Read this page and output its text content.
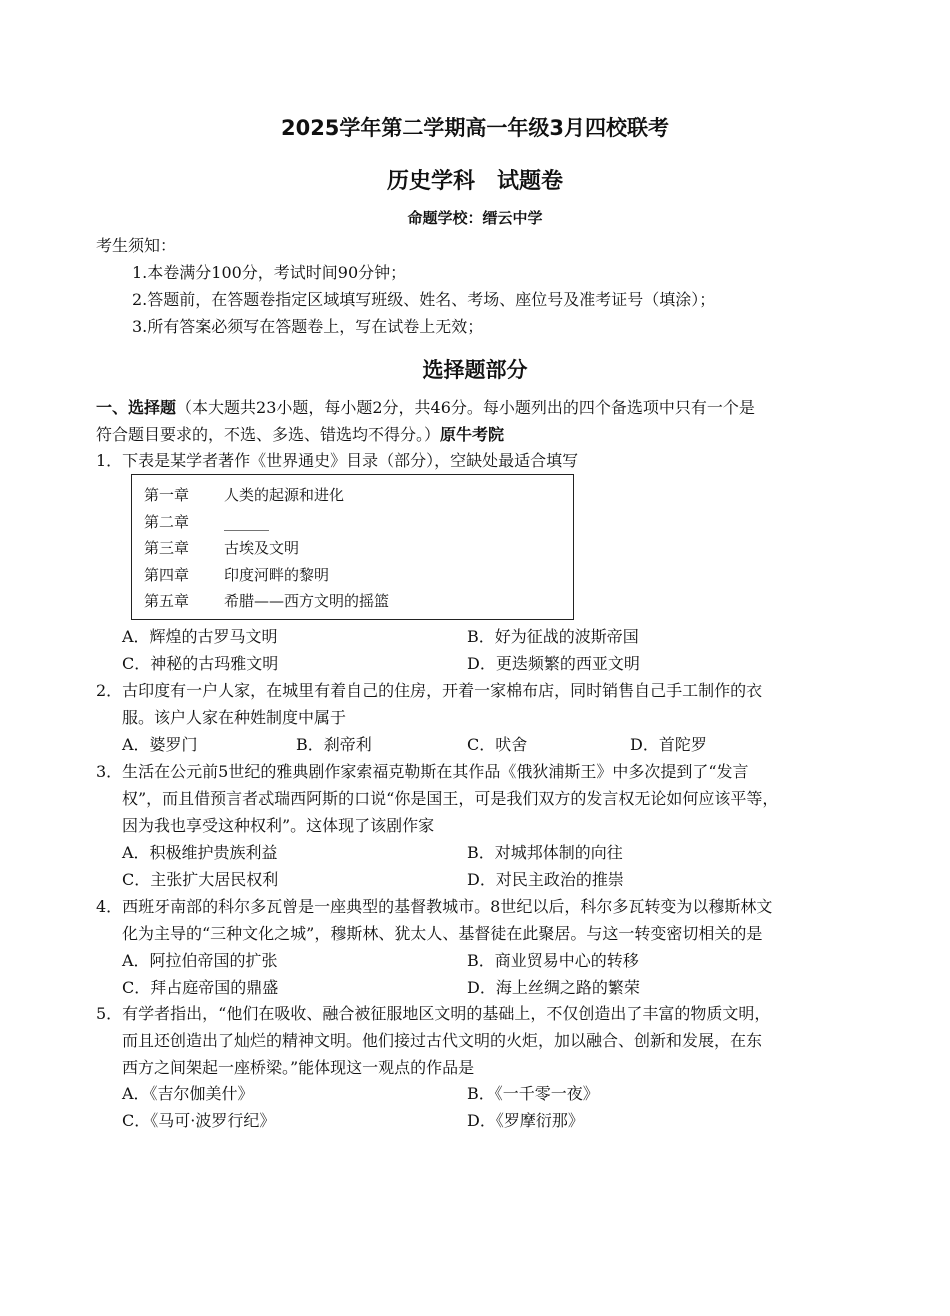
2025学年第二学期高一年级3月四校联考
历史学科　试题卷
命题学校：缙云中学
考生须知：
1.本卷满分100分，考试时间90分钟；
2.答题前，在答题卷指定区域填写班级、姓名、考场、座位号及准考证号（填涂）；
3.所有答案必须写在答题卷上，写在试卷上无效；
选择题部分
一、选择题（本大题共23小题，每小题2分，共46分。每小题列出的四个备选项中只有一个是
符合题目要求的，不选、多选、错选均不得分。）原牛考院
1．下表是某学者著作《世界通史》目录（部分），空缺处最适合填写
第一章 人类的起源和进化
第二章 ______
第三章 古埃及文明
第四章 印度河畔的黎明
第五章 希腊——西方文明的摇篮
A．辉煌的古罗马文明	B．好为征战的波斯帝国
C．神秘的古玛雅文明	D．更迭频繁的西亚文明
2．古印度有一户人家，在城里有着自己的住房，开着一家棉布店，同时销售自己手工制作的衣
服。该户人家在种姓制度中属于
A．婆罗门	B．刹帝利	C．吠舍	D．首陀罗
3．生活在公元前5世纪的雅典剧作家索福克勒斯在其作品《俄狄浦斯王》中多次提到了“发言
权”，而且借预言者忒瑞西阿斯的口说“你是国王，可是我们双方的发言权无论如何应该平等，
因为我也享受这种权利”。这体现了该剧作家
A．积极维护贵族利益	B．对城邦体制的向往
C．主张扩大居民权利	D．对民主政治的推崇
4．西班牙南部的科尔多瓦曾是一座典型的基督教城市。8世纪以后，科尔多瓦转变为以穆斯林文
化为主导的“三种文化之城”，穆斯林、犹太人、基督徒在此聚居。与这一转变密切相关的是
A．阿拉伯帝国的扩张	B．商业贸易中心的转移
C．拜占庭帝国的鼎盛	D．海上丝绸之路的繁荣
5．有学者指出，“他们在吸收、融合被征服地区文明的基础上，不仅创造出了丰富的物质文明，
而且还创造出了灿烂的精神文明。他们接过古代文明的火炬，加以融合、创新和发展，在东
西方之间架起一座桥梁。”能体现这一观点的作品是
A．《吉尔伽美什》	B．《一千零一夜》
C．《马可·波罗行纪》	D．《罗摩衍那》
